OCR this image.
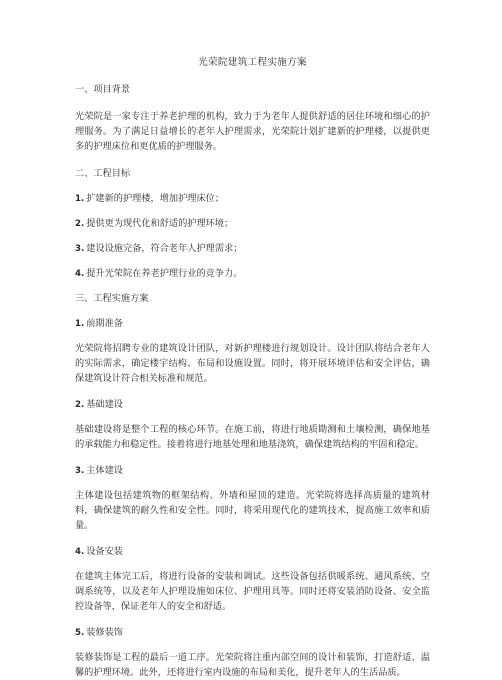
光荣院建筑工程实施方案
一、项目背景
光荣院是一家专注于养老护理的机构，致力于为老年人提供舒适的居住环境和细心的护理服务。为了满足日益增长的老年人护理需求，光荣院计划扩建新的护理楼，以提供更多的护理床位和更优质的护理服务。
二、工程目标
1. 扩建新的护理楼，增加护理床位；
2. 提供更为现代化和舒适的护理环境；
3. 建设设施完备，符合老年人护理需求；
4. 提升光荣院在养老护理行业的竞争力。
三、工程实施方案
1. 前期准备
光荣院将招聘专业的建筑设计团队，对新护理楼进行规划设计。设计团队将结合老年人的实际需求，确定楼宇结构、布局和设施设置。同时，将开展环境评估和安全评估，确保建筑设计符合相关标准和规范。
2. 基础建设
基础建设将是整个工程的核心环节。在施工前，将进行地质勘测和土壤检测，确保地基的承载能力和稳定性。接着将进行地基处理和地基浇筑，确保建筑结构的牢固和稳定。
3. 主体建设
主体建设包括建筑物的框架结构、外墙和屋顶的建造。光荣院将选择高质量的建筑材料，确保建筑的耐久性和安全性。同时，将采用现代化的建筑技术，提高施工效率和质量。
4. 设备安装
在建筑主体完工后，将进行设备的安装和调试。这些设备包括供暖系统、通风系统、空调系统等，以及老年人护理设施如床位、护理用具等。同时还将安装消防设备、安全监控设备等，保证老年人的安全和舒适。
5. 装修装饰
装修装饰是工程的最后一道工序。光荣院将注重内部空间的设计和装饰，打造舒适、温馨的护理环境。此外，还将进行室内设施的布局和美化，提升老年人的生活品质。
